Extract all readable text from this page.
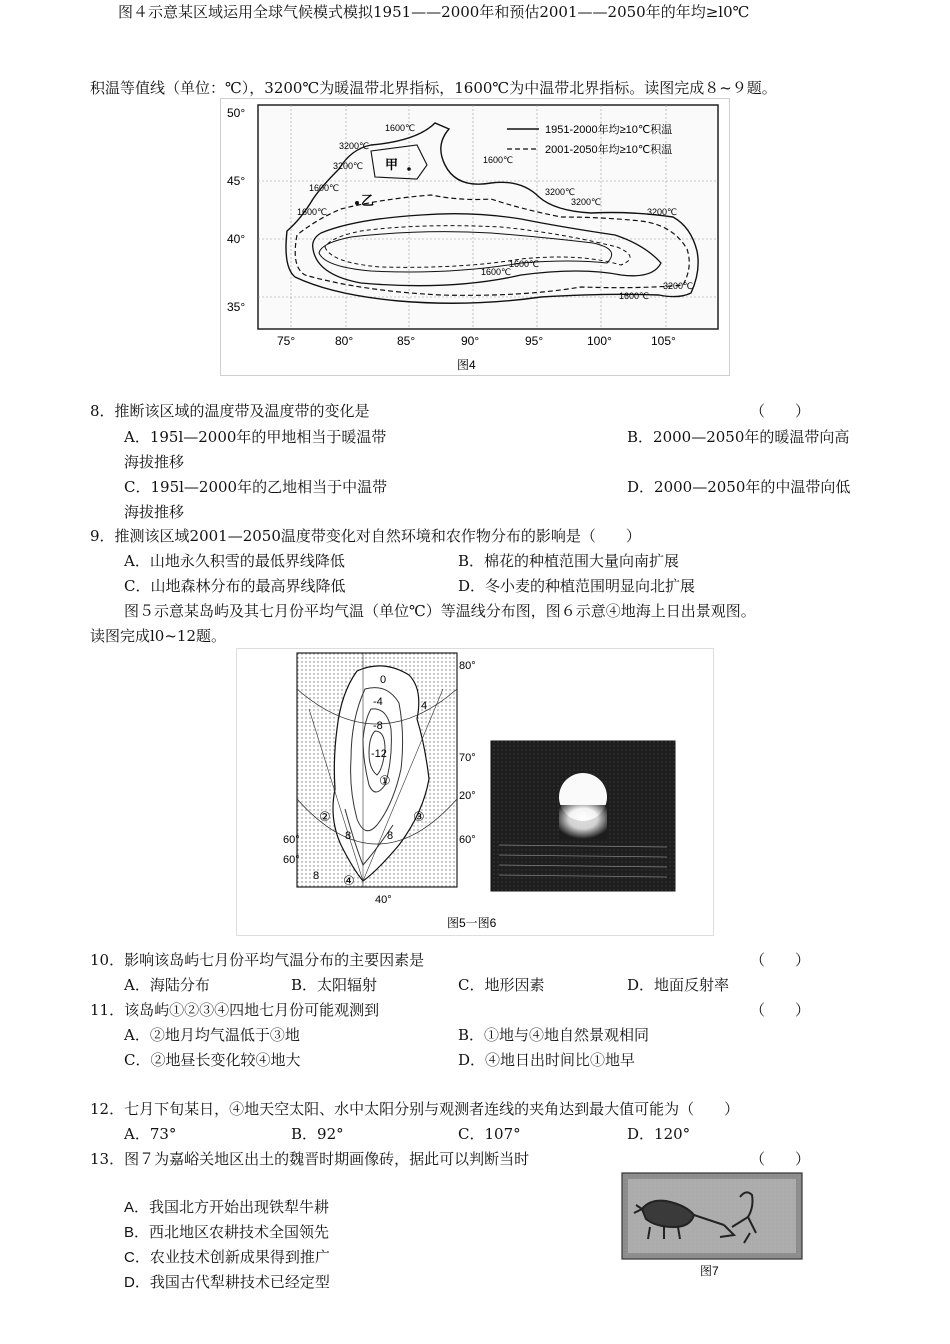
图４示意某区域运用全球气候模式模拟1951——2000年和预估2001——2050年的年均≥l0℃
积温等值线（单位：℃），3200℃为暖温带北界指标，1600℃为中温带北界指标。读图完成８~９题。
甲
乙
1951-2000年均≥10℃积温
2001-2050年均≥10℃积温
1600℃
3200℃
3200℃
1600℃
1600℃
1600℃
3200℃
3200℃
3200℃
1600℃
1600℃
1600℃
3200℃
50°
45°
40°
35°
75°	80°	85°	90°	95°	100°	105°
图4
8．推断该区域的温度带及温度带的变化是	（　　）
A．195l—2000年的甲地相当于暖温带	B．2000—2050年的暖温带向高
海拔推移
C．195l—2000年的乙地相当于中温带	D．2000—2050年的中温带向低
海拔推移
9．推测该区域2001—2050温度带变化对自然环境和农作物分布的影响是（　　）
A．山地永久积雪的最低界线降低	B．棉花的种植范围大量向南扩展
C．山地森林分布的最高界线降低	D．冬小麦的种植范围明显向北扩展
图５示意某岛屿及其七月份平均气温（单位℃）等温线分布图，图６示意④地海上日出景观图。
读图完成l0~12题。
0
-4
-8
-12
4
8	8
8
80°
70°
60°
60°
40°
20°
60°
①
②	③
④
图5一图6
10．影响该岛屿七月份平均气温分布的主要因素是	（　　）
A．海陆分布	B．太阳辐射	C．地形因素	D．地面反射率
11．该岛屿①②③④四地七月份可能观测到	（　　）
A．②地月均气温低于③地	B．①地与④地自然景观相同
C．②地昼长变化较④地大	D．④地日出时间比①地早
12．七月下旬某日，④地天空太阳、水中太阳分别与观测者连线的夹角达到最大值可能为（　　）
A．73°	B．92°	C．107°	D．120°
13．图７为嘉峪关地区出土的魏晋时期画像砖，据此可以判断当时	（　　）
A．我国北方开始出现铁犁牛耕
B．西北地区农耕技术全国领先
C．农业技术创新成果得到推广
D．我国古代犁耕技术已经定型
图7
